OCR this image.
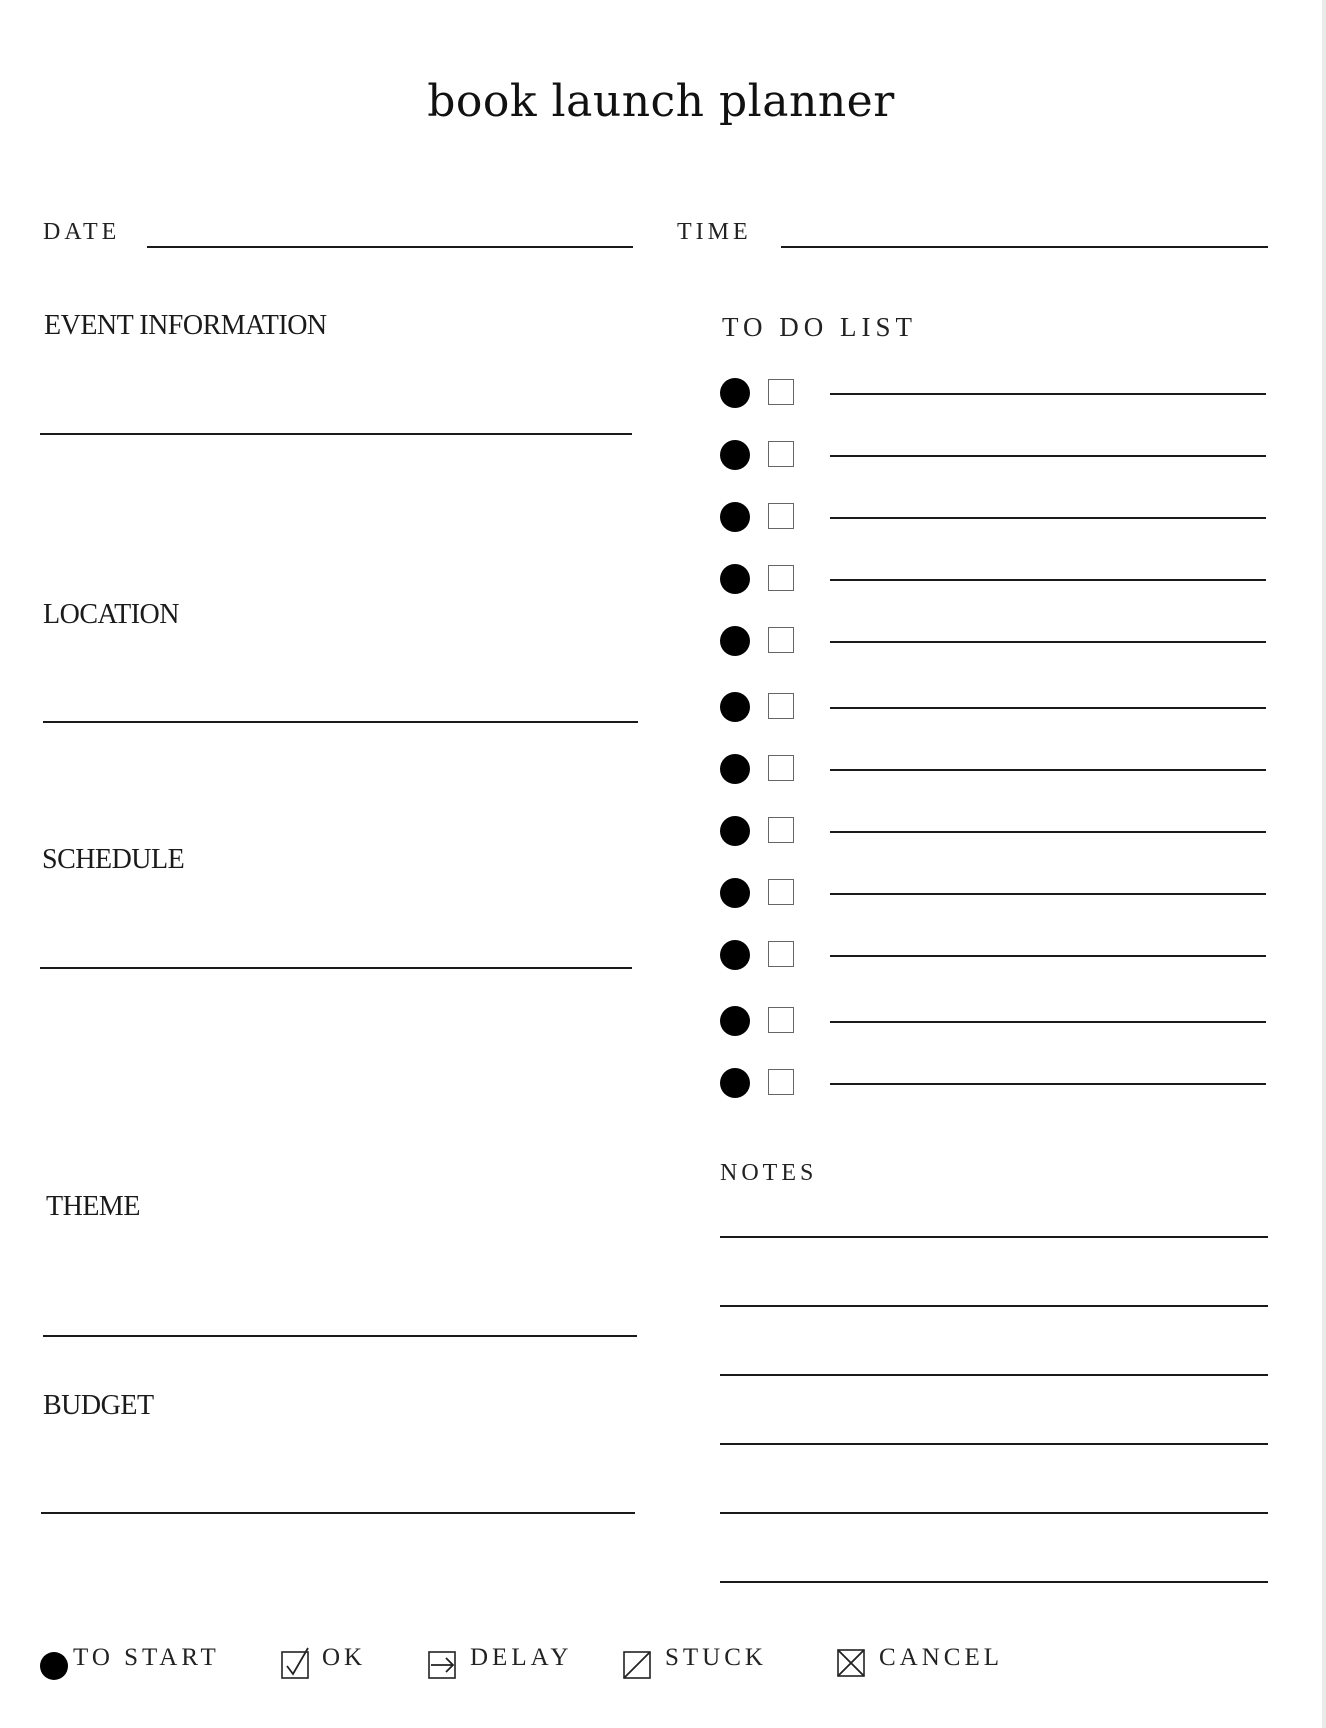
book launch planner
DATE	TIME
EVENT INFORMATION
LOCATION
SCHEDULE
THEME
BUDGET
TO DO LIST
NOTES
TO START	OK	DELAY	STUCK	CANCEL
